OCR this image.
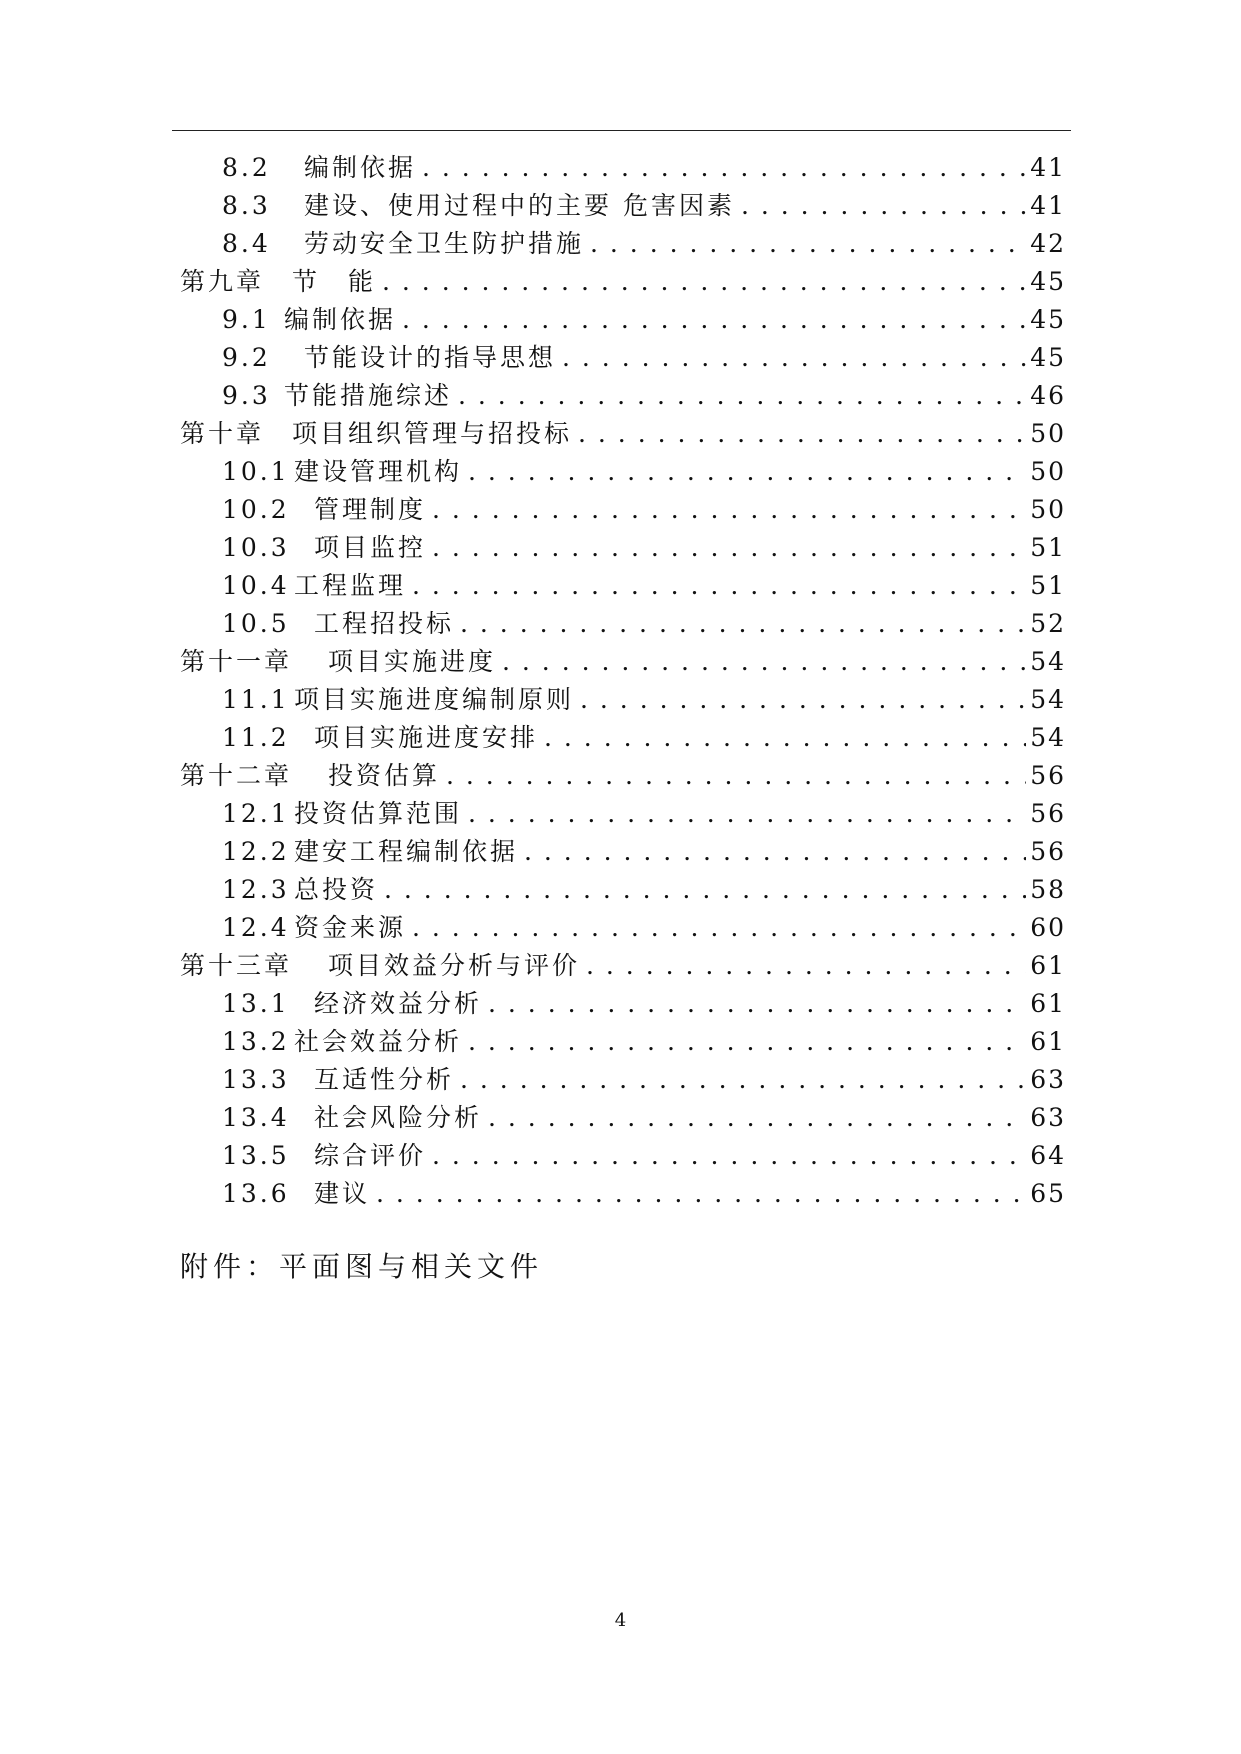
8.2	编制依据 . . .	41
8.3	建设、使用过程中的主要 危害因素 . . .	41
8.4	劳动安全卫生防护措施 . . .	42
第九章	节　能 . . .	45
9.1 编制依据 . . .	45
9.2	节能设计的指导思想 . . .	45
9.3 节能措施综述 . . .	46
第十章	项目组织管理与招投标 . . .	50
10.1 建设管理机构 . . .	50
10.2 管理制度 . . .	50
10.3 项目监控 . . .	51
10.4 工程监理 . . .	51
10.5 工程招投标 . . .	52
第十一章	项目实施进度 . . .	54
11.1 项目实施进度编制原则 . . .	54
11.2 项目实施进度安排 . . .	54
第十二章	投资估算 . . .	56
12.1 投资估算范围 . . .	56
12.2 建安工程编制依据 . . .	56
12.3 总投资 . . .	58
12.4 资金来源 . . .	60
第十三章	项目效益分析与评价 . . .	61
13.1 经济效益分析 . . .	61
13.2 社会效益分析 . . .	61
13.3 互适性分析 . . .	63
13.4 社会风险分析 . . .	63
13.5 综合评价 . . .	64
13.6 建议 . . .	65
附件：平面图与相关文件
4
